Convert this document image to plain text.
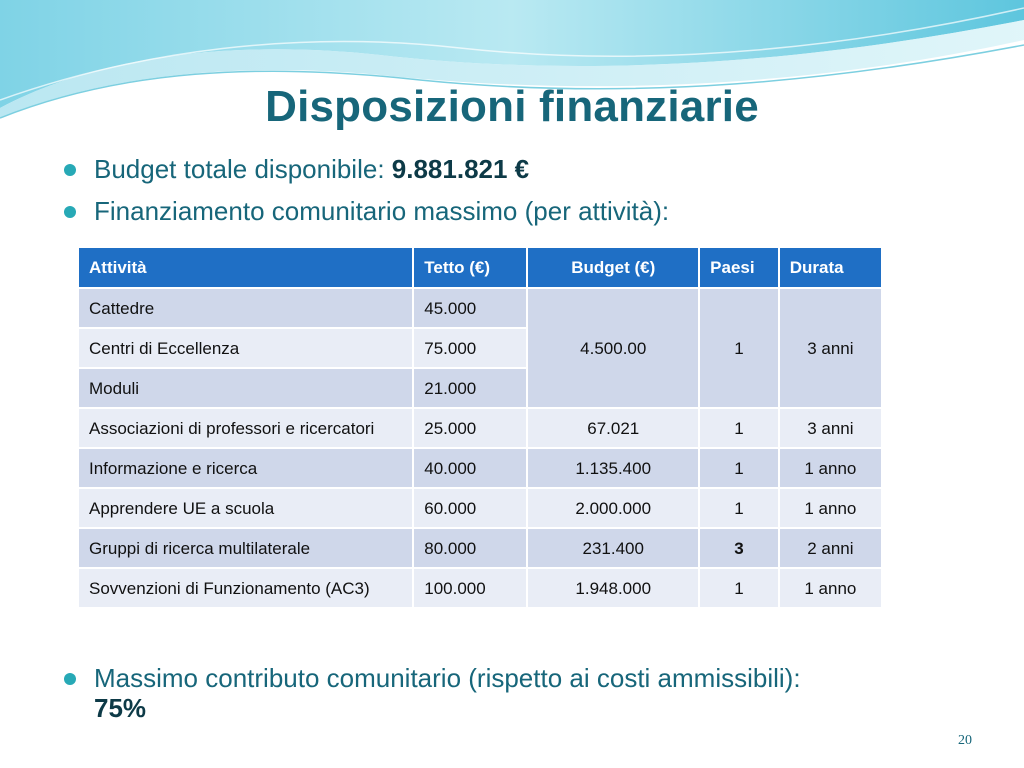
Disposizioni finanziarie
Budget totale disponibile: 9.881.821 €
Finanziamento comunitario massimo (per attività):
Attività	Tetto (€)	Budget (€)	Paesi	Durata
Cattedre	45.000	4.500.00	1	3 anni
Centri di Eccellenza	75.000			
Moduli	21.000			
Associazioni di professori e ricercatori	25.000	67.021	1	3 anni
Informazione e ricerca	40.000	1.135.400	1	1 anno
Apprendere UE a scuola	60.000	2.000.000	1	1 anno
Gruppi di ricerca multilaterale	80.000	231.400	3	2 anni
Sovvenzioni di Funzionamento (AC3)	100.000	1.948.000	1	1 anno
Massimo contributo comunitario (rispetto ai costi ammissibili):
75%
20
